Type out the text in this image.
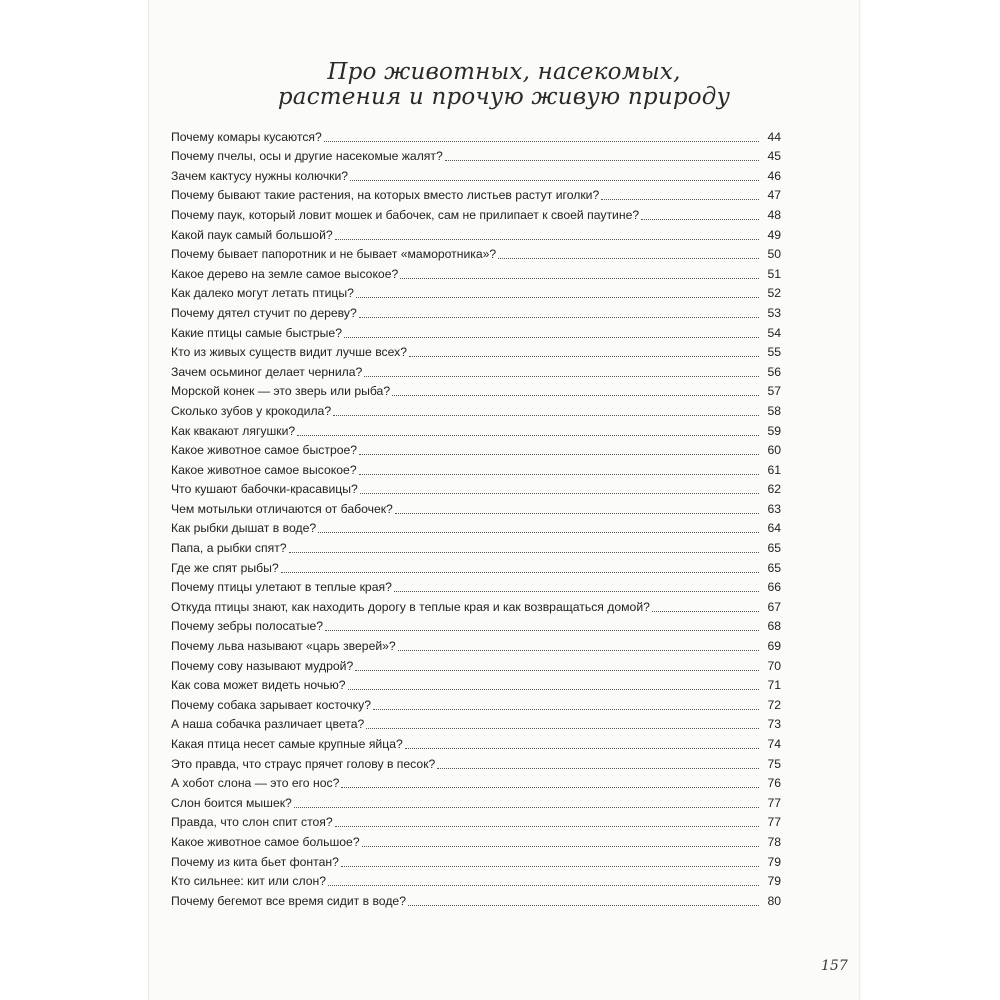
Про животных, насекомых,
растения и прочую живую природу
Почему комары кусаются?	44
Почему пчелы, осы и другие насекомые жалят?	45
Зачем кактусу нужны колючки?	46
Почему бывают такие растения, на которых вместо листьев растут иголки?	47
Почему паук, который ловит мошек и бабочек, сам не прилипает к своей паутине?	48
Какой паук самый большой?	49
Почему бывает папоротник и не бывает «маморотника»?	50
Какое дерево на земле самое высокое?	51
Как далеко могут летать птицы?	52
Почему дятел стучит по дереву?	53
Какие птицы самые быстрые?	54
Кто из живых существ видит лучше всех?	55
Зачем осьминог делает чернила?	56
Морской конек — это зверь или рыба?	57
Сколько зубов у крокодила?	58
Как квакают лягушки?	59
Какое животное самое быстрое?	60
Какое животное самое высокое?	61
Что кушают бабочки-красавицы?	62
Чем мотыльки отличаются от бабочек?	63
Как рыбки дышат в воде?	64
Папа, а рыбки спят?	65
Где же спят рыбы?	65
Почему птицы улетают в теплые края?	66
Откуда птицы знают, как находить дорогу в теплые края и как возвращаться домой?	67
Почему зебры полосатые?	68
Почему льва называют «царь зверей»?	69
Почему сову называют мудрой?	70
Как сова может видеть ночью?	71
Почему собака зарывает косточку?	72
А наша собачка различает цвета?	73
Какая птица несет самые крупные яйца?	74
Это правда, что страус прячет голову в песок?	75
А хобот слона — это его нос?	76
Слон боится мышек?	77
Правда, что слон спит стоя?	77
Какое животное самое большое?	78
Почему из кита бьет фонтан?	79
Кто сильнее: кит или слон?	79
Почему бегемот все время сидит в воде?	80
157
